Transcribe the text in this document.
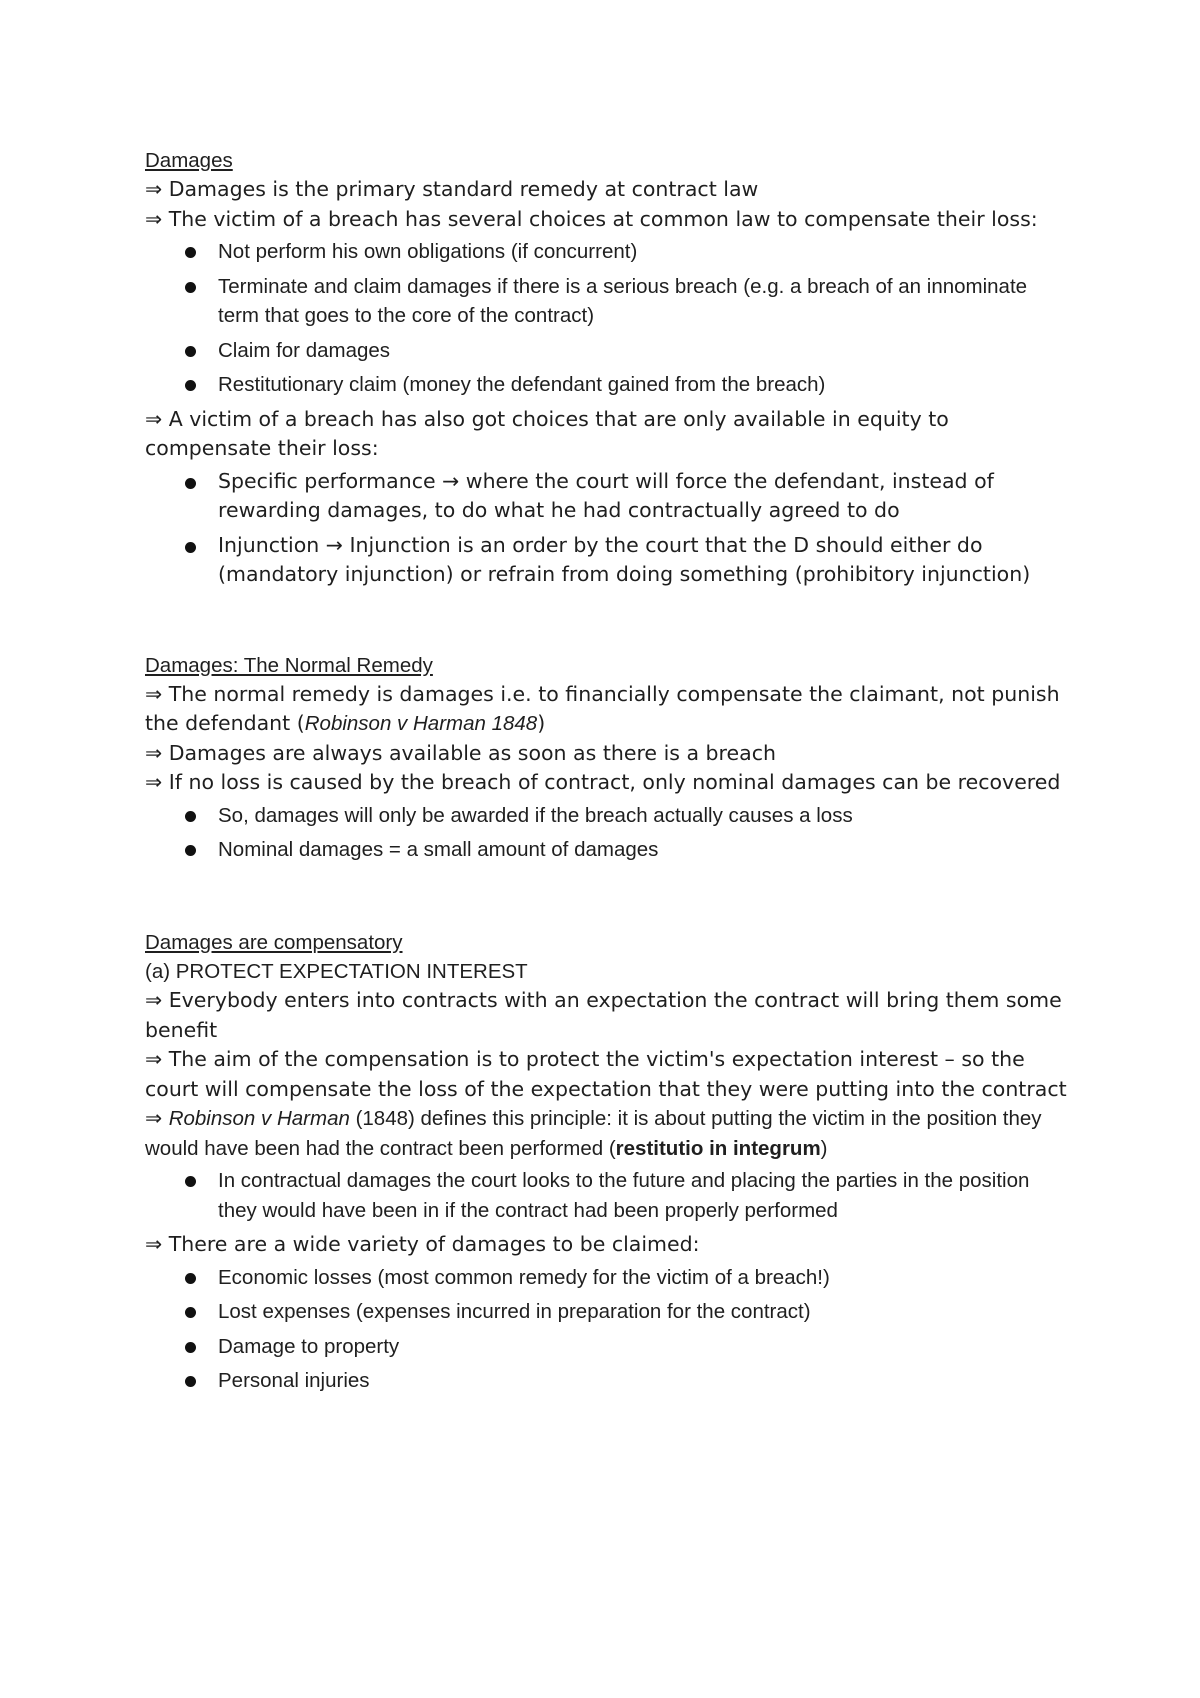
Damages
⇒ Damages is the primary standard remedy at contract law
⇒ The victim of a breach has several choices at common law to compensate their loss:
Not perform his own obligations (if concurrent)
Terminate and claim damages if there is a serious breach (e.g. a breach of an innominate term that goes to the core of the contract)
Claim for damages
Restitutionary claim (money the defendant gained from the breach)
⇒ A victim of a breach has also got choices that are only available in equity to compensate their loss:
Specific performance → where the court will force the defendant, instead of rewarding damages, to do what he had contractually agreed to do
Injunction → Injunction is an order by the court that the D should either do (mandatory injunction) or refrain from doing something (prohibitory injunction)
Damages: The Normal Remedy
⇒ The normal remedy is damages i.e. to financially compensate the claimant, not punish the defendant (Robinson v Harman 1848)
⇒ Damages are always available as soon as there is a breach
⇒ If no loss is caused by the breach of contract, only nominal damages can be recovered
So, damages will only be awarded if the breach actually causes a loss
Nominal damages = a small amount of damages
Damages are compensatory
(a) PROTECT EXPECTATION INTEREST
⇒ Everybody enters into contracts with an expectation the contract will bring them some benefit
⇒ The aim of the compensation is to protect the victim's expectation interest – so the court will compensate the loss of the expectation that they were putting into the contract
⇒ Robinson v Harman (1848) defines this principle: it is about putting the victim in the position they would have been had the contract been performed (restitutio in integrum)
In contractual damages the court looks to the future and placing the parties in the position they would have been in if the contract had been properly performed
⇒ There are a wide variety of damages to be claimed:
Economic losses (most common remedy for the victim of a breach!)
Lost expenses (expenses incurred in preparation for the contract)
Damage to property
Personal injuries
